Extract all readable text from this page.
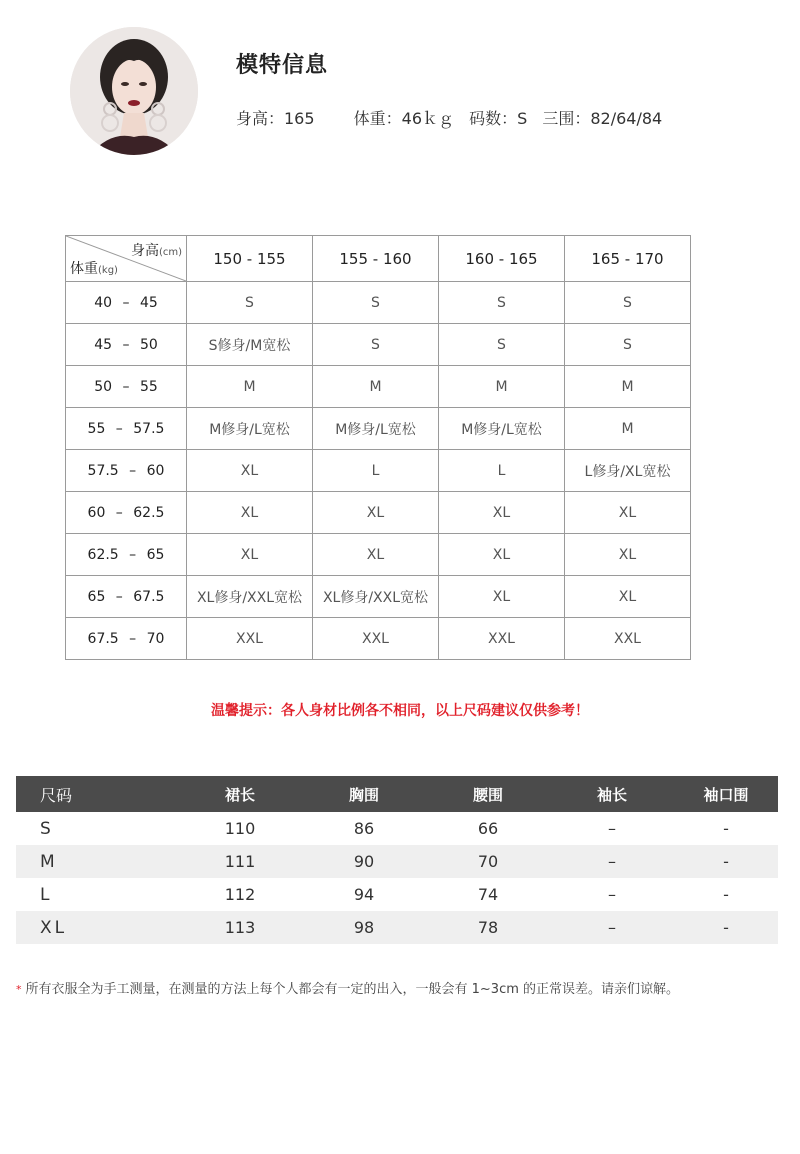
模特信息
身高：165 体重：46ｋｇ 码数：S 三围：82/64/84
身高(cm)
体重(kg)	150 - 155	155 - 160	160 - 165	165 - 170
40 – 45	S	S	S	S
45 – 50	S修身/M宽松	S	S	S
50 – 55	M	M	M	M
55 – 57.5	M修身/L宽松	M修身/L宽松	M修身/L宽松	M
57.5 – 60	XL	L	L	L修身/XL宽松
60 – 62.5	XL	XL	XL	XL
62.5 – 65	XL	XL	XL	XL
65 – 67.5	XL修身/XXL宽松	XL修身/XXL宽松	XL	XL
67.5 – 70	XXL	XXL	XXL	XXL
温馨提示：各人身材比例各不相同，以上尺码建议仅供参考！
尺码	裙长	胸围	腰围	袖长	袖口围
S	110	86	66	–	-
M	111	90	70	–	-
L	112	94	74	–	-
XL	113	98	78	–	-
* 所有衣服全为手工测量，在测量的方法上每个人都会有一定的出入，一般会有 1~3cm 的正常误差。请亲们谅解。
